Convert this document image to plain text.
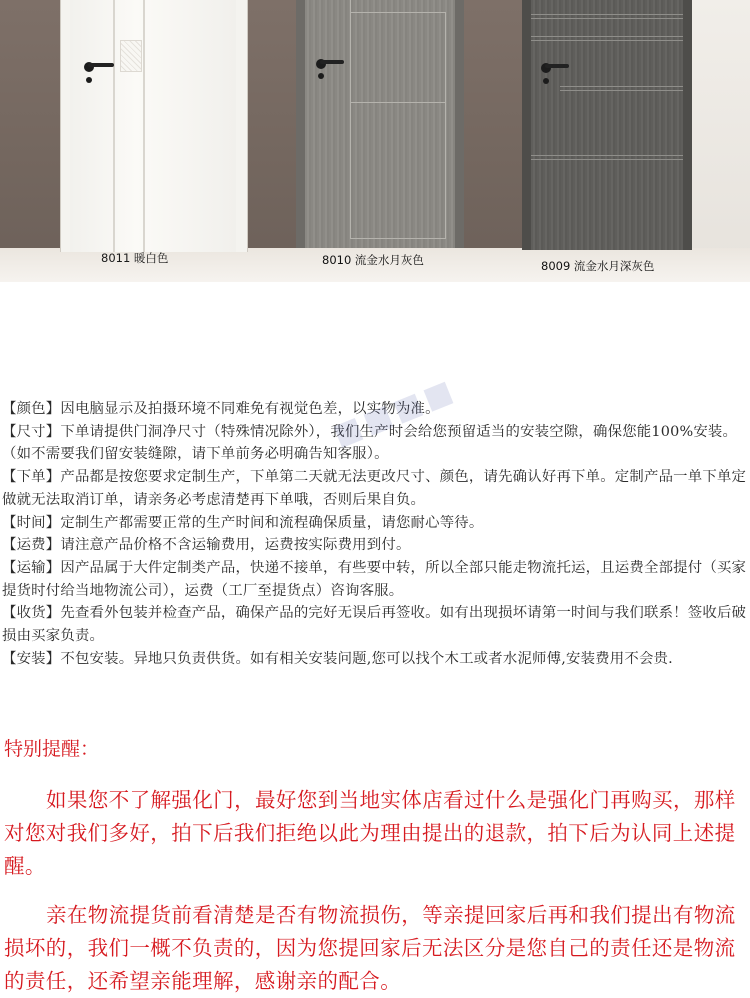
8011 暖白色	8010 流金水月灰色	8009 流金水月深灰色

【颜色】因电脑显示及拍摄环境不同难免有视觉色差，以实物为准。

【尺寸】下单请提供门洞净尺寸（特殊情况除外），我们生产时会给您预留适当的安装空隙，确保您能100%安装。（如不需要我们留安装缝隙，请下单前务必明确告知客服）。

【下单】产品都是按您要求定制生产，下单第二天就无法更改尺寸、颜色，请先确认好再下单。定制产品一单下单定做就无法取消订单，请亲务必考虑清楚再下单哦，否则后果自负。

【时间】定制生产都需要正常的生产时间和流程确保质量，请您耐心等待。

【运费】请注意产品价格不含运输费用，运费按实际费用到付。

【运输】因产品属于大件定制类产品，快递不接单，有些要中转，所以全部只能走物流托运，且运费全部提付（买家提货时付给当地物流公司），运费（工厂至提货点）咨询客服。

【收货】先查看外包装并检查产品，确保产品的完好无误后再签收。如有出现损坏请第一时间与我们联系！签收后破损由买家负责。

【安装】不包安装。异地只负责供货。如有相关安装问题,您可以找个木工或者水泥师傅,安装费用不会贵.

■■■■

特别提醒：

如果您不了解强化门，最好您到当地实体店看过什么是强化门再购买，那样对您对我们多好，拍下后我们拒绝以此为理由提出的退款，拍下后为认同上述提醒。

亲在物流提货前看清楚是否有物流损伤，等亲提回家后再和我们提出有物流损坏的，我们一概不负责的，因为您提回家后无法区分是您自己的责任还是物流的责任，还希望亲能理解，感谢亲的配合。
